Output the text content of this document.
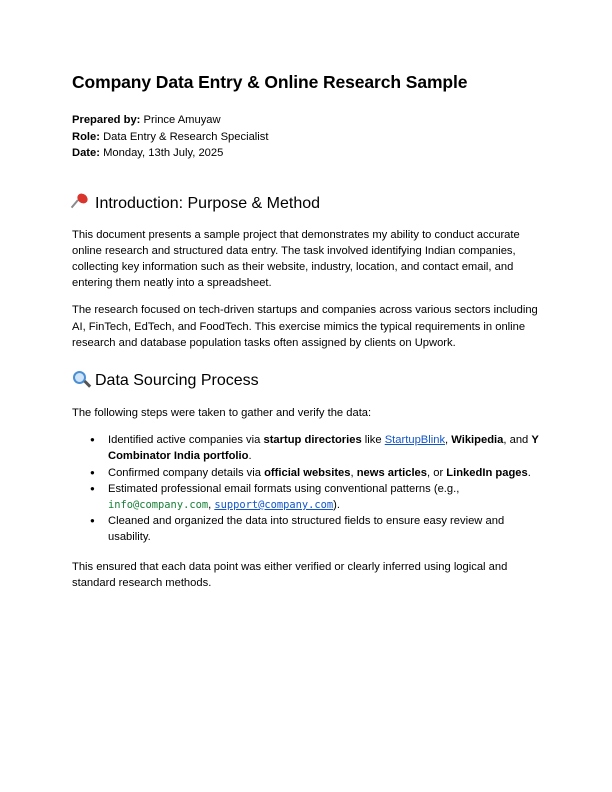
Company Data Entry & Online Research Sample
Prepared by: Prince Amuyaw
Role: Data Entry & Research Specialist
Date: Monday, 13th July, 2025
Introduction: Purpose & Method

This document presents a sample project that demonstrates my ability to conduct accurate online research and structured data entry. The task involved identifying Indian companies, collecting key information such as their website, industry, location, and contact email, and entering them neatly into a spreadsheet.

The research focused on tech-driven startups and companies across various sectors including AI, FinTech, EdTech, and FoodTech. This exercise mimics the typical requirements in online research and database population tasks often assigned by clients on Upwork.

Data Sourcing Process

The following steps were taken to gather and verify the data:

● Identified active companies via startup directories like StartupBlink, Wikipedia, and Y Combinator India portfolio.
● Confirmed company details via official websites, news articles, or LinkedIn pages.
● Estimated professional email formats using conventional patterns (e.g., info@company.com, support@company.com).
● Cleaned and organized the data into structured fields to ensure easy review and usability.

This ensured that each data point was either verified or clearly inferred using logical and standard research methods.
